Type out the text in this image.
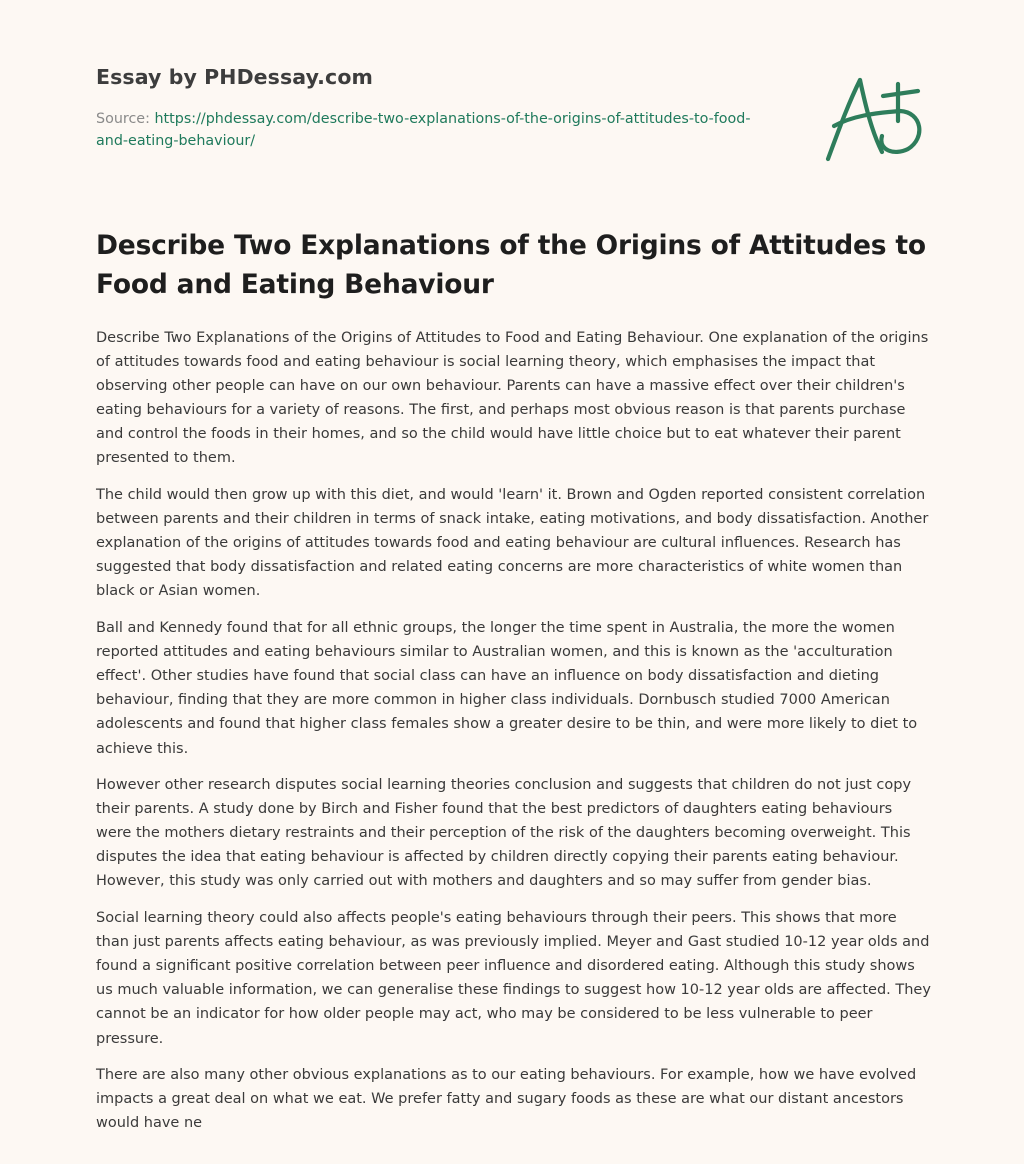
Essay by PHDessay.com
Source: https://phdessay.com/describe-two-explanations-of-the-origins-of-attitudes-to-food-and-eating-behaviour/
Describe Two Explanations of the Origins of Attitudes to Food and Eating Behaviour

Describe Two Explanations of the Origins of Attitudes to Food and Eating Behaviour. One explanation of the origins of attitudes towards food and eating behaviour is social learning theory, which emphasises the impact that observing other people can have on our own behaviour. Parents can have a massive effect over their children's eating behaviours for a variety of reasons. The first, and perhaps most obvious reason is that parents purchase and control the foods in their homes, and so the child would have little choice but to eat whatever their parent presented to them.

The child would then grow up with this diet, and would 'learn' it. Brown and Ogden reported consistent correlation between parents and their children in terms of snack intake, eating motivations, and body dissatisfaction. Another explanation of the origins of attitudes towards food and eating behaviour are cultural influences. Research has suggested that body dissatisfaction and related eating concerns are more characteristics of white women than black or Asian women.

Ball and Kennedy found that for all ethnic groups, the longer the time spent in Australia, the more the women reported attitudes and eating behaviours similar to Australian women, and this is known as the 'acculturation effect'. Other studies have found that social class can have an influence on body dissatisfaction and dieting behaviour, finding that they are more common in higher class individuals. Dornbusch studied 7000 American adolescents and found that higher class females show a greater desire to be thin, and were more likely to diet to achieve this.

However other research disputes social learning theories conclusion and suggests that children do not just copy their parents. A study done by Birch and Fisher found that the best predictors of daughters eating behaviours were the mothers dietary restraints and their perception of the risk of the daughters becoming overweight. This disputes the idea that eating behaviour is affected by children directly copying their parents eating behaviour. However, this study was only carried out with mothers and daughters and so may suffer from gender bias.

Social learning theory could also affects people's eating behaviours through their peers. This shows that more than just parents affects eating behaviour, as was previously implied. Meyer and Gast studied 10-12 year olds and found a significant positive correlation between peer influence and disordered eating. Although this study shows us much valuable information, we can generalise these findings to suggest how 10-12 year olds are affected. They cannot be an indicator for how older people may act, who may be considered to be less vulnerable to peer pressure.

There are also many other obvious explanations as to our eating behaviours. For example, how we have evolved impacts a great deal on what we eat. We prefer fatty and sugary foods as these are what our distant ancestors would have ne
